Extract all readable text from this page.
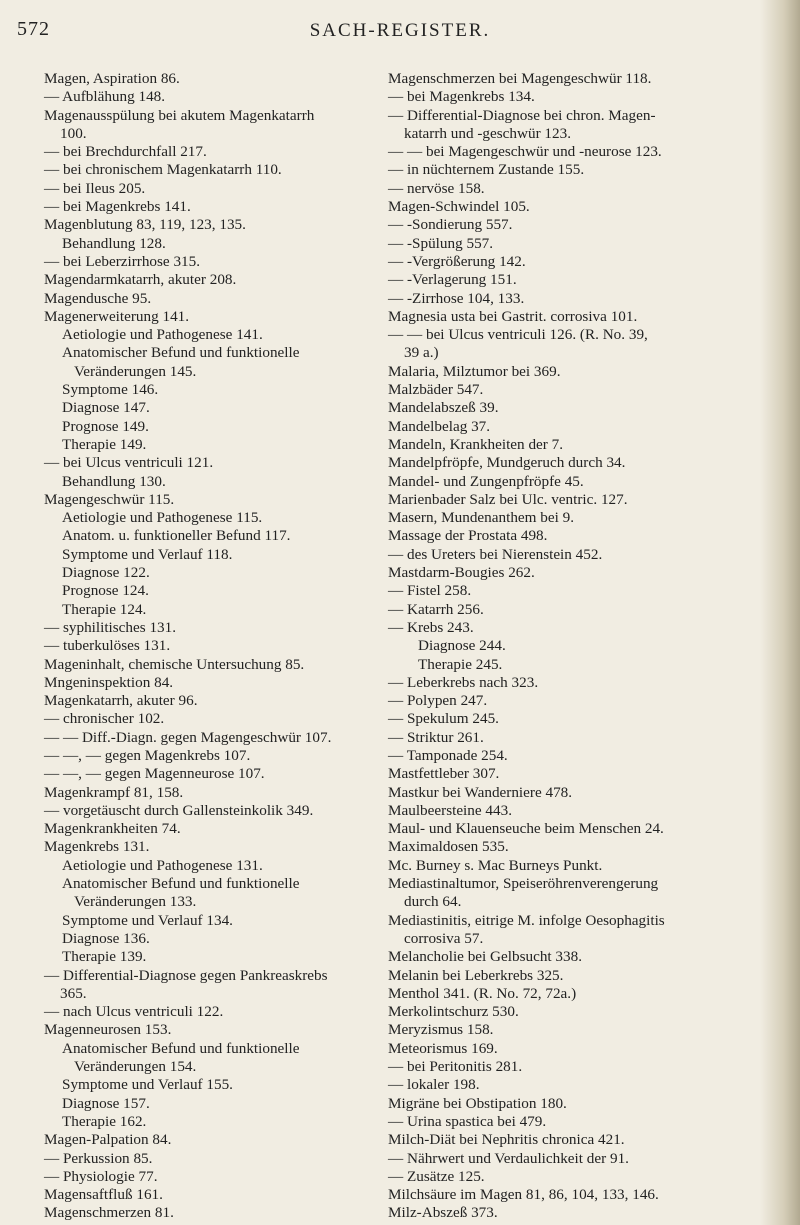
572	SACH-REGISTER.

Magen, Aspiration 86.

— Aufblähung 148.

Magenausspülung bei akutem Magenkatarrh

100.

— bei Brechdurchfall 217.

— bei chronischem Magenkatarrh 110.

— bei Ileus 205.

— bei Magenkrebs 141.

Magenblutung 83, 119, 123, 135.

Behandlung 128.

— bei Leberzirrhose 315.

Magendarmkatarrh, akuter 208.

Magendusche 95.

Magenerweiterung 141.

Aetiologie und Pathogenese 141.

Anatomischer Befund und funktionelle

Veränderungen 145.

Symptome 146.

Diagnose 147.

Prognose 149.

Therapie 149.

— bei Ulcus ventriculi 121.

Behandlung 130.

Magengeschwür 115.

Aetiologie und Pathogenese 115.

Anatom. u. funktioneller Befund 117.

Symptome und Verlauf 118.

Diagnose 122.

Prognose 124.

Therapie 124.

— syphilitisches 131.

— tuberkulöses 131.

Mageninhalt, chemische Untersuchung 85.

Mngeninspektion 84.

Magenkatarrh, akuter 96.

— chronischer 102.

— — Diff.-Diagn. gegen Magengeschwür 107.

— —, — gegen Magenkrebs 107.

— —, — gegen Magenneurose 107.

Magenkrampf 81, 158.

— vorgetäuscht durch Gallensteinkolik 349.

Magenkrankheiten 74.

Magenkrebs 131.

Aetiologie und Pathogenese 131.

Anatomischer Befund und funktionelle

Veränderungen 133.

Symptome und Verlauf 134.

Diagnose 136.

Therapie 139.

— Differential-Diagnose gegen Pankreaskrebs

365.

— nach Ulcus ventriculi 122.

Magenneurosen 153.

Anatomischer Befund und funktionelle

Veränderungen 154.

Symptome und Verlauf 155.

Diagnose 157.

Therapie 162.

Magen-Palpation 84.

— Perkussion 85.

— Physiologie 77.

Magensaftfluß 161.

Magenschmerzen 81.

Magenschmerzen bei Magengeschwür 118.

— bei Magenkrebs 134.

— Differential-Diagnose bei chron. Magen-

katarrh und -geschwür 123.

— — bei Magengeschwür und -neurose 123.

— in nüchternem Zustande 155.

— nervöse 158.

Magen-Schwindel 105.

— -Sondierung 557.

— -Spülung 557.

— -Vergrößerung 142.

— -Verlagerung 151.

— -Zirrhose 104, 133.

Magnesia usta bei Gastrit. corrosiva 101.

— — bei Ulcus ventriculi 126. (R. No. 39,

39 a.)

Malaria, Milztumor bei 369.

Malzbäder 547.

Mandelabszeß 39.

Mandelbelag 37.

Mandeln, Krankheiten der 7.

Mandelpfröpfe, Mundgeruch durch 34.

Mandel- und Zungenpfröpfe 45.

Marienbader Salz bei Ulc. ventric. 127.

Masern, Mundenanthem bei 9.

Massage der Prostata 498.

— des Ureters bei Nierenstein 452.

Mastdarm-Bougies 262.

— Fistel 258.

— Katarrh 256.

— Krebs 243.

Diagnose 244.

Therapie 245.

— Leberkrebs nach 323.

— Polypen 247.

— Spekulum 245.

— Striktur 261.

— Tamponade 254.

Mastfettleber 307.

Mastkur bei Wanderniere 478.

Maulbeersteine 443.

Maul- und Klauenseuche beim Menschen 24.

Maximaldosen 535.

Mc. Burney s. Mac Burneys Punkt.

Mediastinaltumor, Speiseröhrenverengerung

durch 64.

Mediastinitis, eitrige M. infolge Oesophagitis

corrosiva 57.

Melancholie bei Gelbsucht 338.

Melanin bei Leberkrebs 325.

Menthol 341. (R. No. 72, 72a.)

Merkolintschurz 530.

Meryzismus 158.

Meteorismus 169.

— bei Peritonitis 281.

— lokaler 198.

Migräne bei Obstipation 180.

— Urina spastica bei 479.

Milch-Diät bei Nephritis chronica 421.

— Nährwert und Verdaulichkeit der 91.

— Zusätze 125.

Milchsäure im Magen 81, 86, 104, 133, 146.

Milz-Abszeß 373.
